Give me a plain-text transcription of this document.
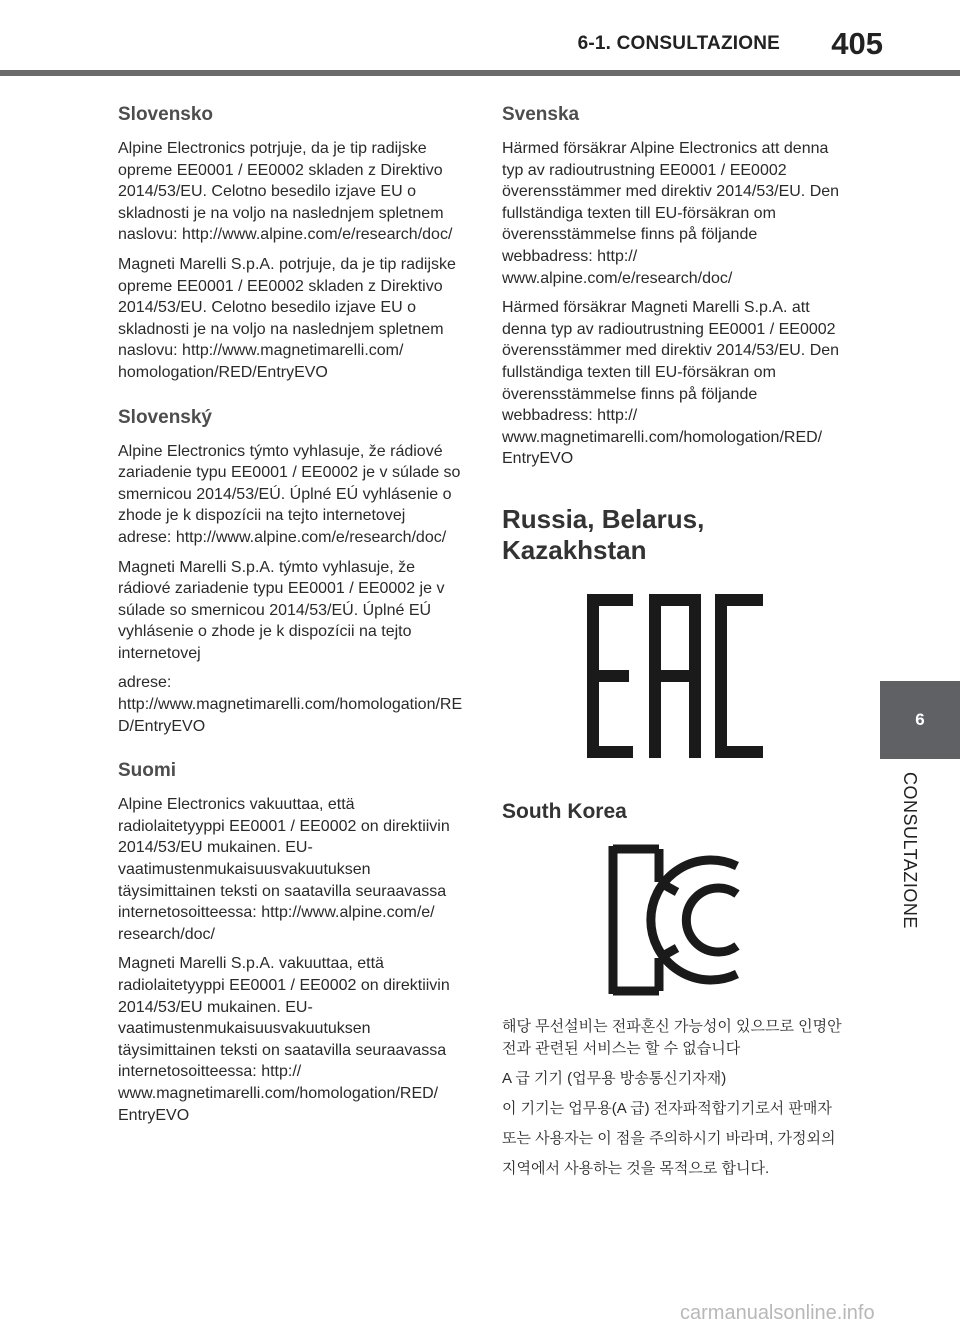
6-1. CONSULTAZIONE 405
Slovensko

Alpine Electronics potrjuje, da je tip radijske opreme EE0001 / EE0002 skladen z Direktivo 2014/53/EU. Celotno besedilo izjave EU o skladnosti je na voljo na naslednjem spletnem naslovu: http://www.alpine.com/e/research/doc/

Magneti Marelli S.p.A. potrjuje, da je tip radijske opreme EE0001 / EE0002 skladen z Direktivo 2014/53/EU. Celotno besedilo izjave EU o skladnosti je na voljo na naslednjem spletnem naslovu: http://www.magnetimarelli.com/ homologation/RED/EntryEVO

Slovenský

Alpine Electronics týmto vyhlasuje, že rádiové zariadenie typu EE0001 / EE0002 je v súlade so smernicou 2014/53/EÚ. Úplné EÚ vyhlásenie o zhode je k dispozícii na tejto internetovej adrese: http://www.alpine.com/e/research/doc/

Magneti Marelli S.p.A. týmto vyhlasuje, že rádiové zariadenie typu EE0001 / EE0002 je v súlade so smernicou 2014/53/EÚ. Úplné EÚ vyhlásenie o zhode je k dispozícii na tejto internetovej

adrese: http://www.magnetimarelli.com/homologation/RED/EntryEVO

Suomi

Alpine Electronics vakuuttaa, että radiolaitetyyppi EE0001 / EE0002 on direktiivin 2014/53/EU mukainen. EU-vaatimustenmukaisuusvakuutuksen täysimittainen teksti on saatavilla seuraavassa internetosoitteessa: http://www.alpine.com/e/ research/doc/

Magneti Marelli S.p.A. vakuuttaa, että radiolaitetyyppi EE0001 / EE0002 on direktiivin 2014/53/EU mukainen. EU-vaatimustenmukaisuusvakuutuksen täysimittainen teksti on saatavilla seuraavassa internetosoitteessa: http:// www.magnetimarelli.com/homologation/RED/ EntryEVO

Svenska

Härmed försäkrar Alpine Electronics att denna typ av radioutrustning EE0001 / EE0002 överensstämmer med direktiv 2014/53/EU. Den fullständiga texten till EU-försäkran om överensstämmelse finns på följande webbadress: http:// www.alpine.com/e/research/doc/

Härmed försäkrar Magneti Marelli S.p.A. att denna typ av radioutrustning EE0001 / EE0002 överensstämmer med direktiv 2014/53/EU. Den fullständiga texten till EU-försäkran om överensstämmelse finns på följande webbadress: http:// www.magnetimarelli.com/homologation/RED/ EntryEVO

Russia, Belarus, Kazakhstan
South Korea

해당 무선설비는 전파혼신 가능성이 있으므로 인명안전과 관련된 서비스는 할 수 없습니다

A 급 기기 (업무용 방송통신기자재)

이 기기는 업무용(A 급) 전자파적합기기로서 판매자

또는 사용자는 이 점을 주의하시기 바라며, 가정외의

지역에서 사용하는 것을 목적으로 합니다.

6
CONSULTAZIONE
carmanualsonline.info
